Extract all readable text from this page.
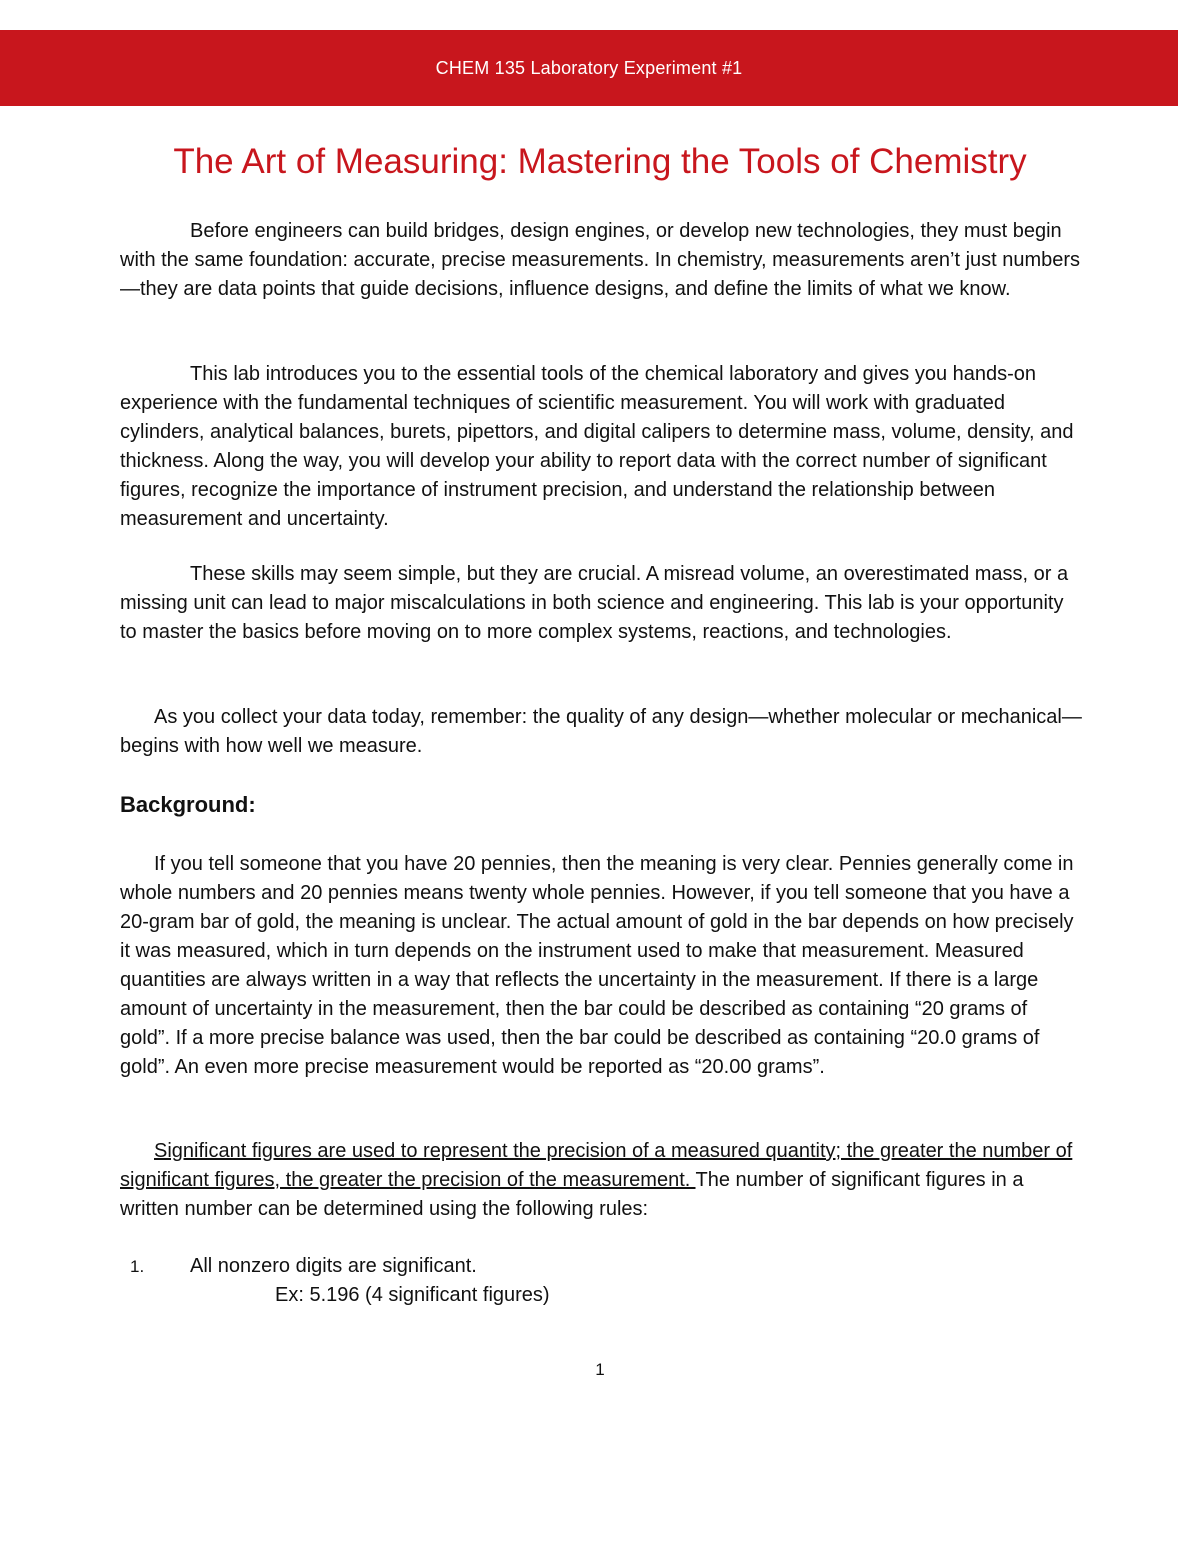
CHEM 135 Laboratory Experiment #1
The Art of Measuring: Mastering the Tools of Chemistry

Before engineers can build bridges, design engines, or develop new technologies, they must begin with the same foundation: accurate, precise measurements. In chemistry, measurements aren’t just numbers—they are data points that guide decisions, influence designs, and define the limits of what we know.

This lab introduces you to the essential tools of the chemical laboratory and gives you hands-on experience with the fundamental techniques of scientific measurement. You will work with graduated cylinders, analytical balances, burets, pipettors, and digital calipers to determine mass, volume, density, and thickness. Along the way, you will develop your ability to report data with the correct number of significant figures, recognize the importance of instrument precision, and understand the relationship between measurement and uncertainty.

These skills may seem simple, but they are crucial. A misread volume, an overestimated mass, or a missing unit can lead to major miscalculations in both science and engineering. This lab is your opportunity to master the basics before moving on to more complex systems, reactions, and technologies.

As you collect your data today, remember: the quality of any design—whether molecular or mechanical—begins with how well we measure.

Background:

If you tell someone that you have 20 pennies, then the meaning is very clear. Pennies generally come in whole numbers and 20 pennies means twenty whole pennies. However, if you tell someone that you have a 20-gram bar of gold, the meaning is unclear. The actual amount of gold in the bar depends on how precisely it was measured, which in turn depends on the instrument used to make that measurement. Measured quantities are always written in a way that reflects the uncertainty in the measurement. If there is a large amount of uncertainty in the measurement, then the bar could be described as containing “20 grams of gold”. If a more precise balance was used, then the bar could be described as containing “20.0 grams of gold”. An even more precise measurement would be reported as “20.00 grams”.

Significant figures are used to represent the precision of a measured quantity; the greater the number of significant figures, the greater the precision of the measurement. The number of significant figures in a written number can be determined using the following rules:

1. All nonzero digits are significant.
Ex: 5.196 (4 significant figures)
1
